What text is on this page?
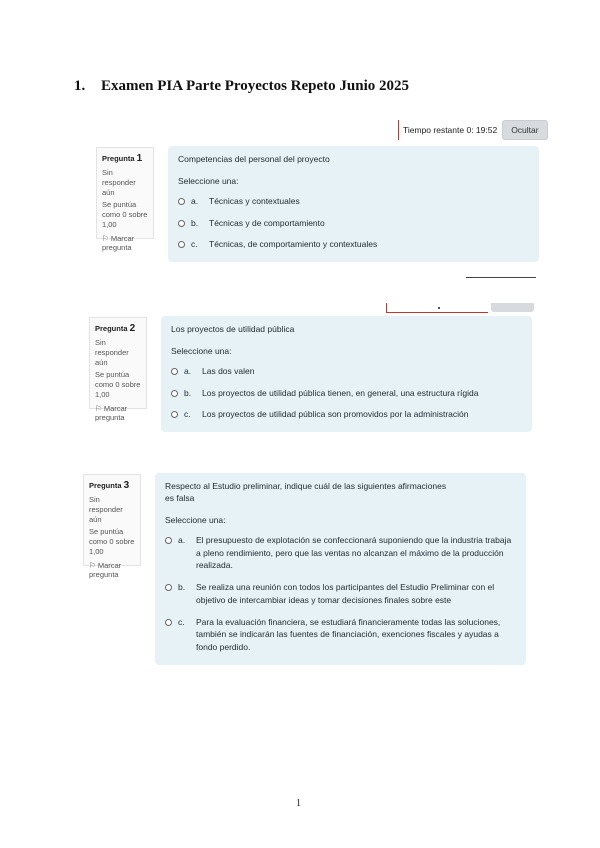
1. Examen PIA Parte Proyectos Repeto Junio 2025
Tiempo restante 0: 19:52	Ocultar
Pregunta 1

Sin responder aún

Se puntúa como 0 sobre 1,00

⚐ Marcar pregunta

Competencias del personal del proyecto
Seleccione una:
a.	Técnicas y contextuales
b.	Técnicas y de comportamiento
c.	Técnicas, de comportamiento y contextuales
Pregunta 2

Sin responder aún

Se puntúa como 0 sobre 1,00

⚐ Marcar pregunta

Los proyectos de utilidad pública
Seleccione una:
a.	Las dos valen
b.	Los proyectos de utilidad pública tienen, en general, una estructura rígida
c.	Los proyectos de utilidad pública son promovidos por la administración
Pregunta 3

Sin responder aún

Se puntúa como 0 sobre 1,00

⚐ Marcar pregunta

Respecto al Estudio preliminar, indique cuál de las siguientes afirmaciones es falsa
Seleccione una:
a.	El presupuesto de explotación se confeccionará suponiendo que la industria trabaja a pleno rendimiento, pero que las ventas no alcanzan el máximo de la producción realizada.
b.	Se realiza una reunión con todos los participantes del Estudio Preliminar con el objetivo de intercambiar ideas y tomar decisiones finales sobre este
c.	Para la evaluación financiera, se estudiará financieramente todas las soluciones, también se indicarán las fuentes de financiación, exenciones fiscales y ayudas a fondo perdido.
1
